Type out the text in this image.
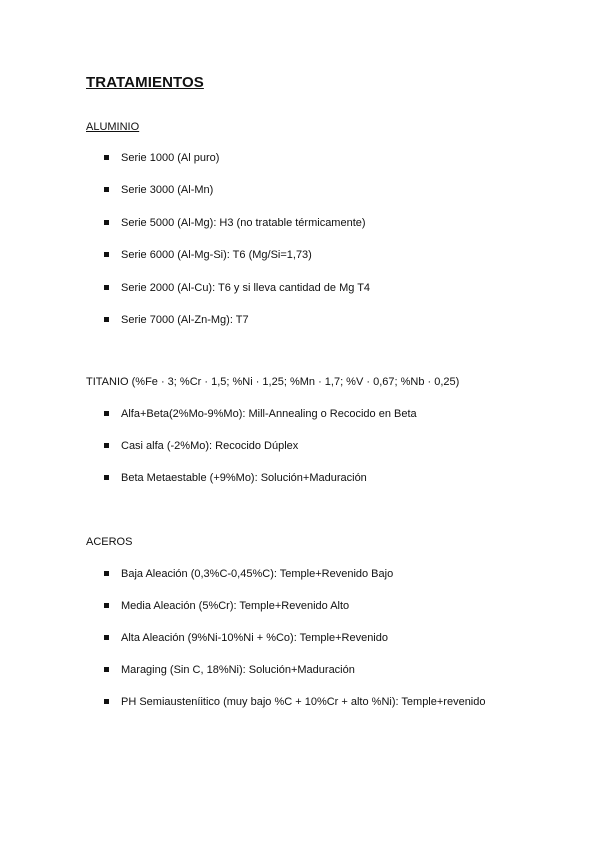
TRATAMIENTOS

ALUMINIO

Serie 1000 (Al puro)
Serie 3000 (Al-Mn)
Serie 5000 (Al-Mg): H3 (no tratable térmicamente)
Serie 6000 (Al-Mg-Si): T6 (Mg/Si=1,73)
Serie 2000 (Al-Cu): T6 y si lleva cantidad de Mg T4
Serie 7000 (Al-Zn-Mg): T7

TITANIO (%Fe · 3; %Cr · 1,5; %Ni · 1,25; %Mn · 1,7; %V · 0,67; %Nb · 0,25)

Alfa+Beta(2%Mo-9%Mo): Mill-Annealing o Recocido en Beta
Casi alfa (-2%Mo): Recocido Dúplex
Beta Metaestable (+9%Mo): Solución+Maduración

ACEROS

Baja Aleación (0,3%C-0,45%C): Temple+Revenido Bajo
Media Aleación (5%Cr): Temple+Revenido Alto
Alta Aleación (9%Ni-10%Ni + %Co): Temple+Revenido
Maraging (Sin C, 18%Ni): Solución+Maduración
PH Semiausteníitico (muy bajo %C + 10%Cr + alto %Ni): Temple+revenido
